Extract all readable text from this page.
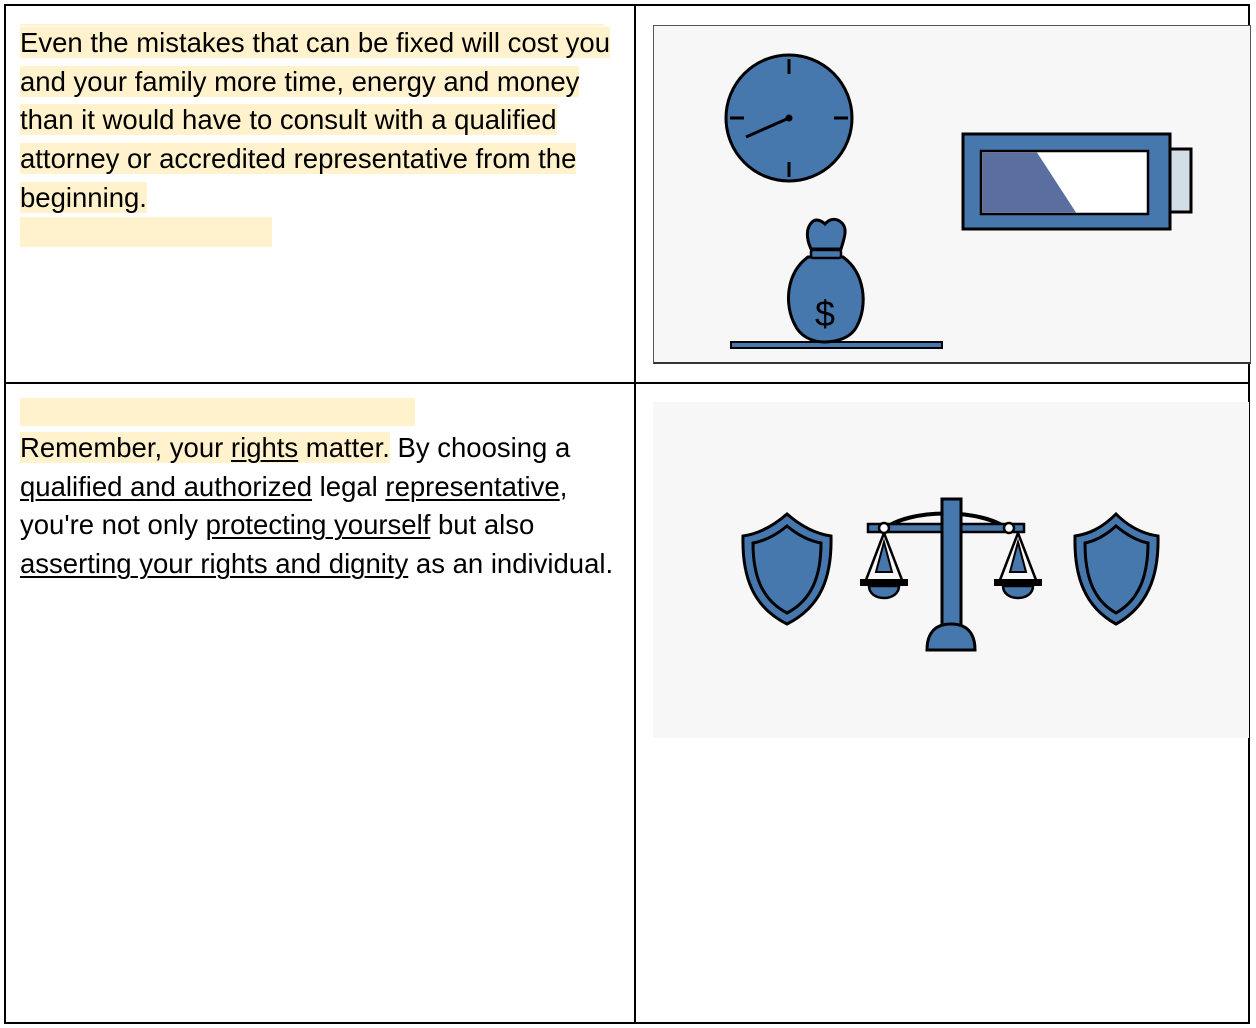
Even the mistakes that can be fixed will cost you and your family more time, energy and money than it would have to consult with a qualified attorney or accredited representative from the beginning.	$

Remember, your rights matter. By choosing a qualified and authorized legal representative, you're not only protecting yourself but also asserting your rights and dignity as an individual.
